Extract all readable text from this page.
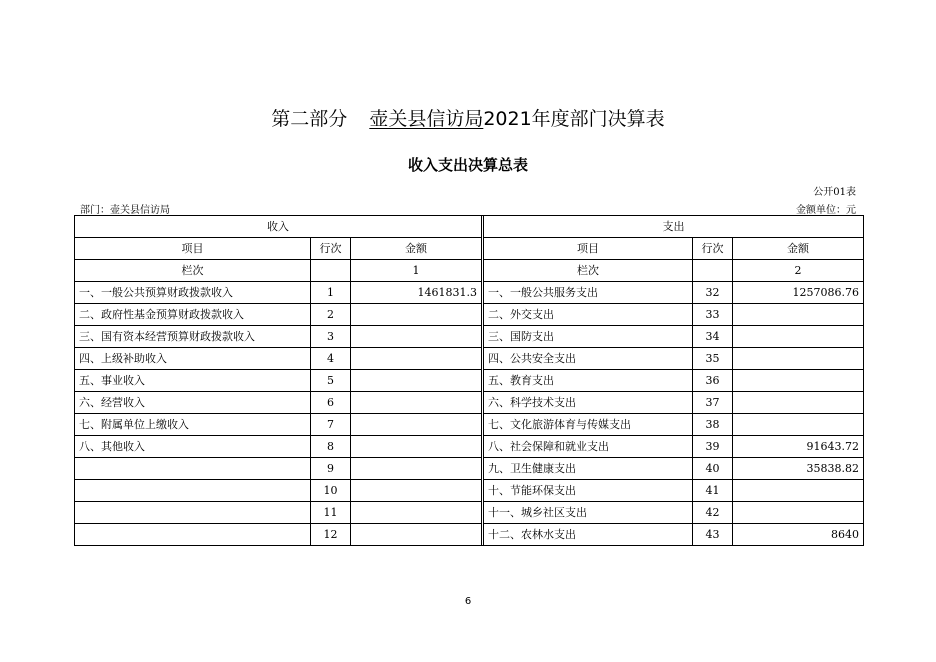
第二部分 壶关县信访局2021年度部门决算表
收入支出决算总表
公开01表
部门：壶关县信访局	金额单位：元
收入				支出		
项目	行次	金额		项目	行次	金额
栏次		1		栏次		2
一、一般公共预算财政拨款收入	1	1461831.3		一、一般公共服务支出	32	1257086.76
二、政府性基金预算财政拨款收入	2			二、外交支出	33	
三、国有资本经营预算财政拨款收入	3			三、国防支出	34	
四、上级补助收入	4			四、公共安全支出	35	
五、事业收入	5			五、教育支出	36	
六、经营收入	6			六、科学技术支出	37	
七、附属单位上缴收入	7			七、文化旅游体育与传媒支出	38	
八、其他收入	8			八、社会保障和就业支出	39	91643.72
	9			九、卫生健康支出	40	35838.82
	10			十、节能环保支出	41	
	11			十一、城乡社区支出	42	
	12			十二、农林水支出	43	8640
6
